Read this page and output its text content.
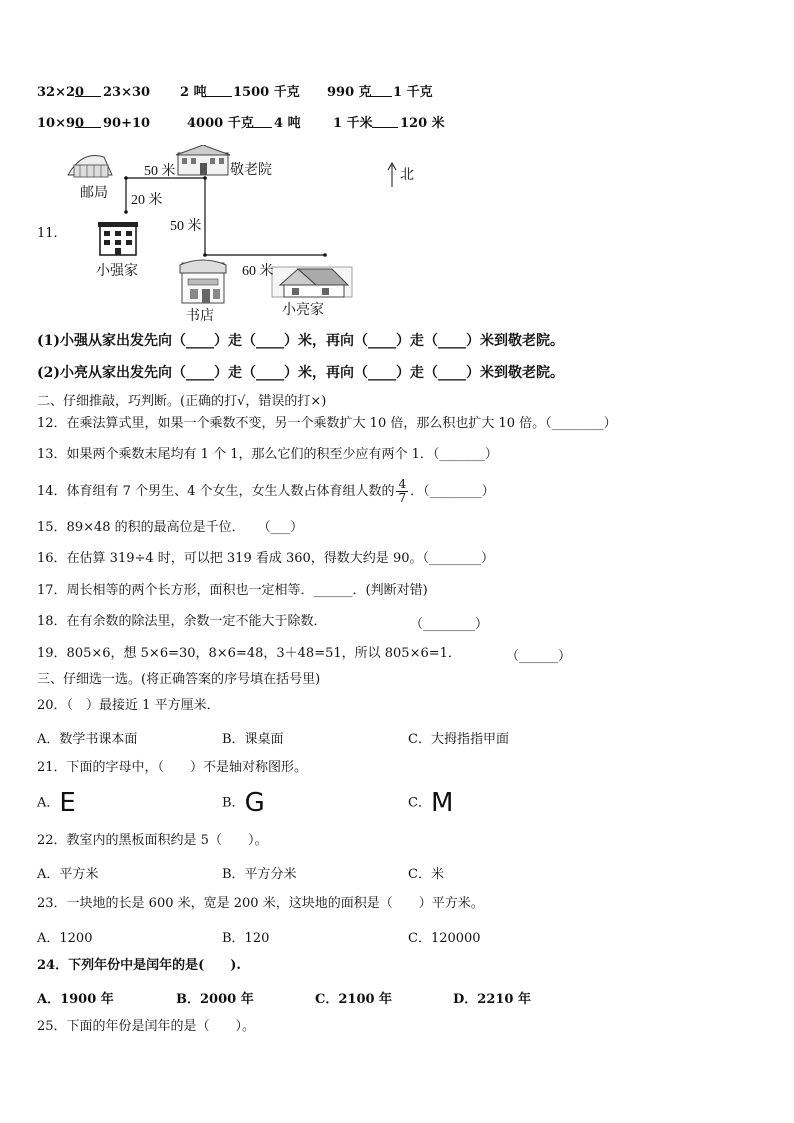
32×20 23×30 2 吨 1500 千克 990 克 1 千克
10×90 90+10	4000 千克 4 吨 1 千米 120 米
11.
邮局
敬老院
小强家
书店	小亮家
50 米
20 米
50 米
60 米
北
(1)小强从家出发先向（____）走（____）米，再向（____）走（____）米到敬老院。
(2)小亮从家出发先向（____）走（____）米，再向（____）走（____）米到敬老院。
二、仔细推敲，巧判断。(正确的打√，错误的打×)
12．在乘法算式里，如果一个乘数不变，另一个乘数扩大 10 倍，那么积也扩大 10 倍。（________）
13．如果两个乘数末尾均有 1 个 1，那么它们的积至少应有两个 1．（_______）
14．体育组有 7 个男生、4 个女生，女生人数占体育组人数的 $\frac{4}{7}$ ．（________）
15．89×48 的积的最高位是千位．　　（___）
16．在估算 319÷4 时，可以把 319 看成 360，得数大约是 90。（________）
17．周长相等的两个长方形，面积也一定相等．______．(判断对错)
18．在有余数的除法里，余数一定不能大于除数．	（________）
19．805×6，想 5×6=30，8×6=48，3＋48=51，所以 805×6=1．	（______）
三、仔细选一选。(将正确答案的序号填在括号里)
20．（　）最接近 1 平方厘米．
A．数学书课本面	B．课桌面	C．大拇指指甲面
21．下面的字母中，（　　）不是轴对称图形。
A．E	B．G	C．M
22．教室内的黑板面积约是 5（　　）。
A．平方米	B．平方分米	C．米
23．一块地的长是 600 米，宽是 200 米，这块地的面积是（　　）平方米。
A．1200	B．120	C．120000
24．下列年份中是闰年的是(　　).
A．1900 年	B．2000 年	C．2100 年	D．2210 年
25．下面的年份是闰年的是（　　）。
